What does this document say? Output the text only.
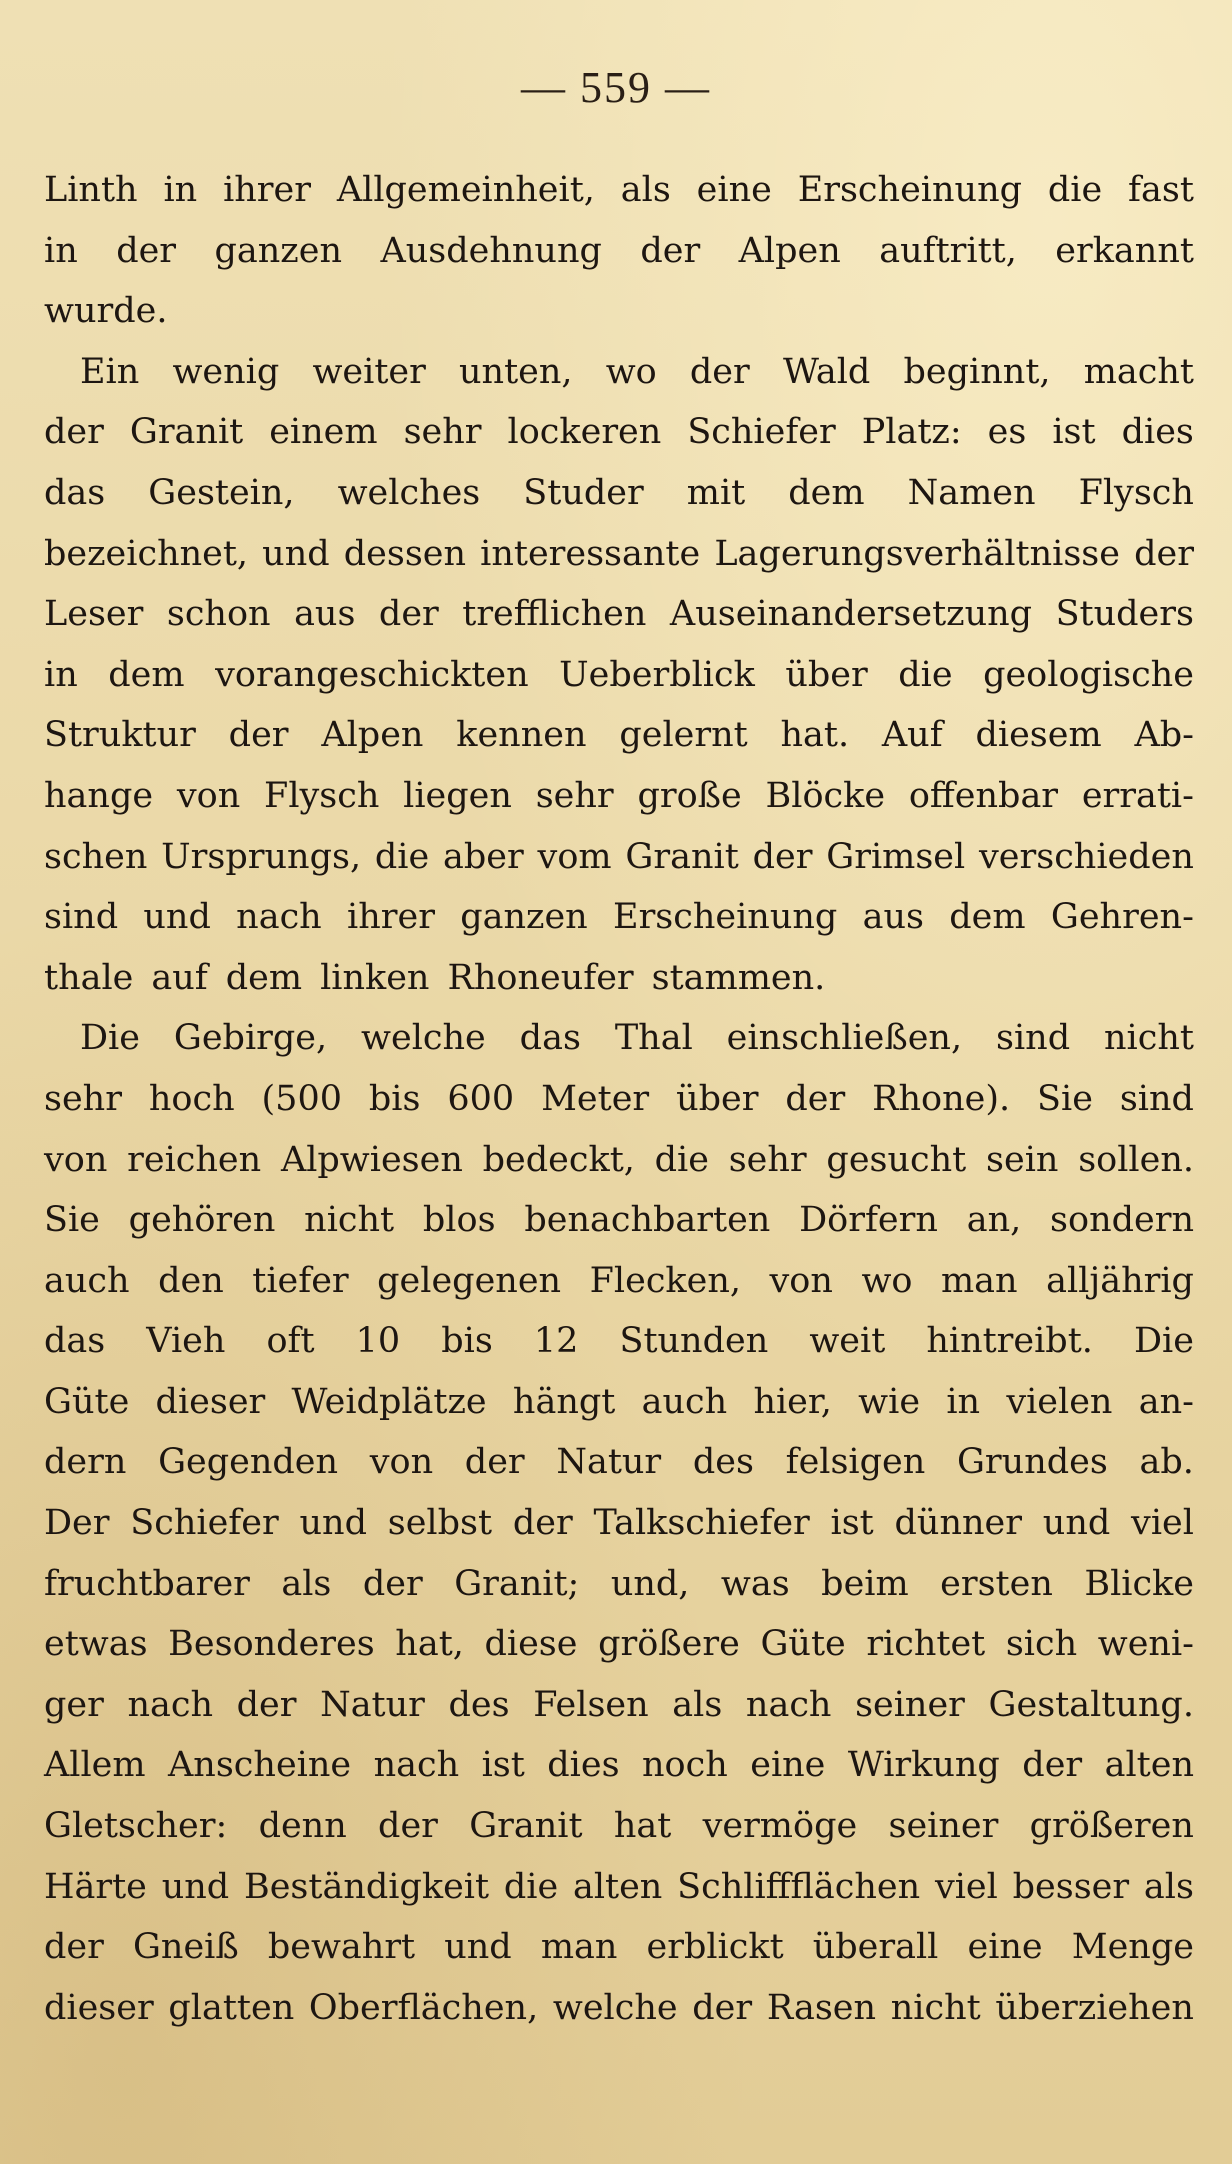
— 559 —
Linth in ihrer Allgemeinheit, als eine Erscheinung die fast
in der ganzen Ausdehnung der Alpen auftritt, erkannt
wurde.
Ein wenig weiter unten, wo der Wald beginnt, macht
der Granit einem sehr lockeren Schiefer Platz: es ist dies
das Gestein, welches Studer mit dem Namen Flysch
bezeichnet, und dessen interessante Lagerungsverhältnisse der
Leser schon aus der trefflichen Auseinandersetzung Studers
in dem vorangeschickten Ueberblick über die geologische
Struktur der Alpen kennen gelernt hat. Auf diesem Ab-
hange von Flysch liegen sehr große Blöcke offenbar errati-
schen Ursprungs, die aber vom Granit der Grimsel verschieden
sind und nach ihrer ganzen Erscheinung aus dem Gehren-
thale auf dem linken Rhoneufer stammen.
Die Gebirge, welche das Thal einschließen, sind nicht
sehr hoch (500 bis 600 Meter über der Rhone). Sie sind
von reichen Alpwiesen bedeckt, die sehr gesucht sein sollen.
Sie gehören nicht blos benachbarten Dörfern an, sondern
auch den tiefer gelegenen Flecken, von wo man alljährig
das Vieh oft 10 bis 12 Stunden weit hintreibt. Die
Güte dieser Weidplätze hängt auch hier, wie in vielen an-
dern Gegenden von der Natur des felsigen Grundes ab.
Der Schiefer und selbst der Talkschiefer ist dünner und viel
fruchtbarer als der Granit; und, was beim ersten Blicke
etwas Besonderes hat, diese größere Güte richtet sich weni-
ger nach der Natur des Felsen als nach seiner Gestaltung.
Allem Anscheine nach ist dies noch eine Wirkung der alten
Gletscher: denn der Granit hat vermöge seiner größeren
Härte und Beständigkeit die alten Schliffflächen viel besser als
der Gneiß bewahrt und man erblickt überall eine Menge
dieser glatten Oberflächen, welche der Rasen nicht überziehen
